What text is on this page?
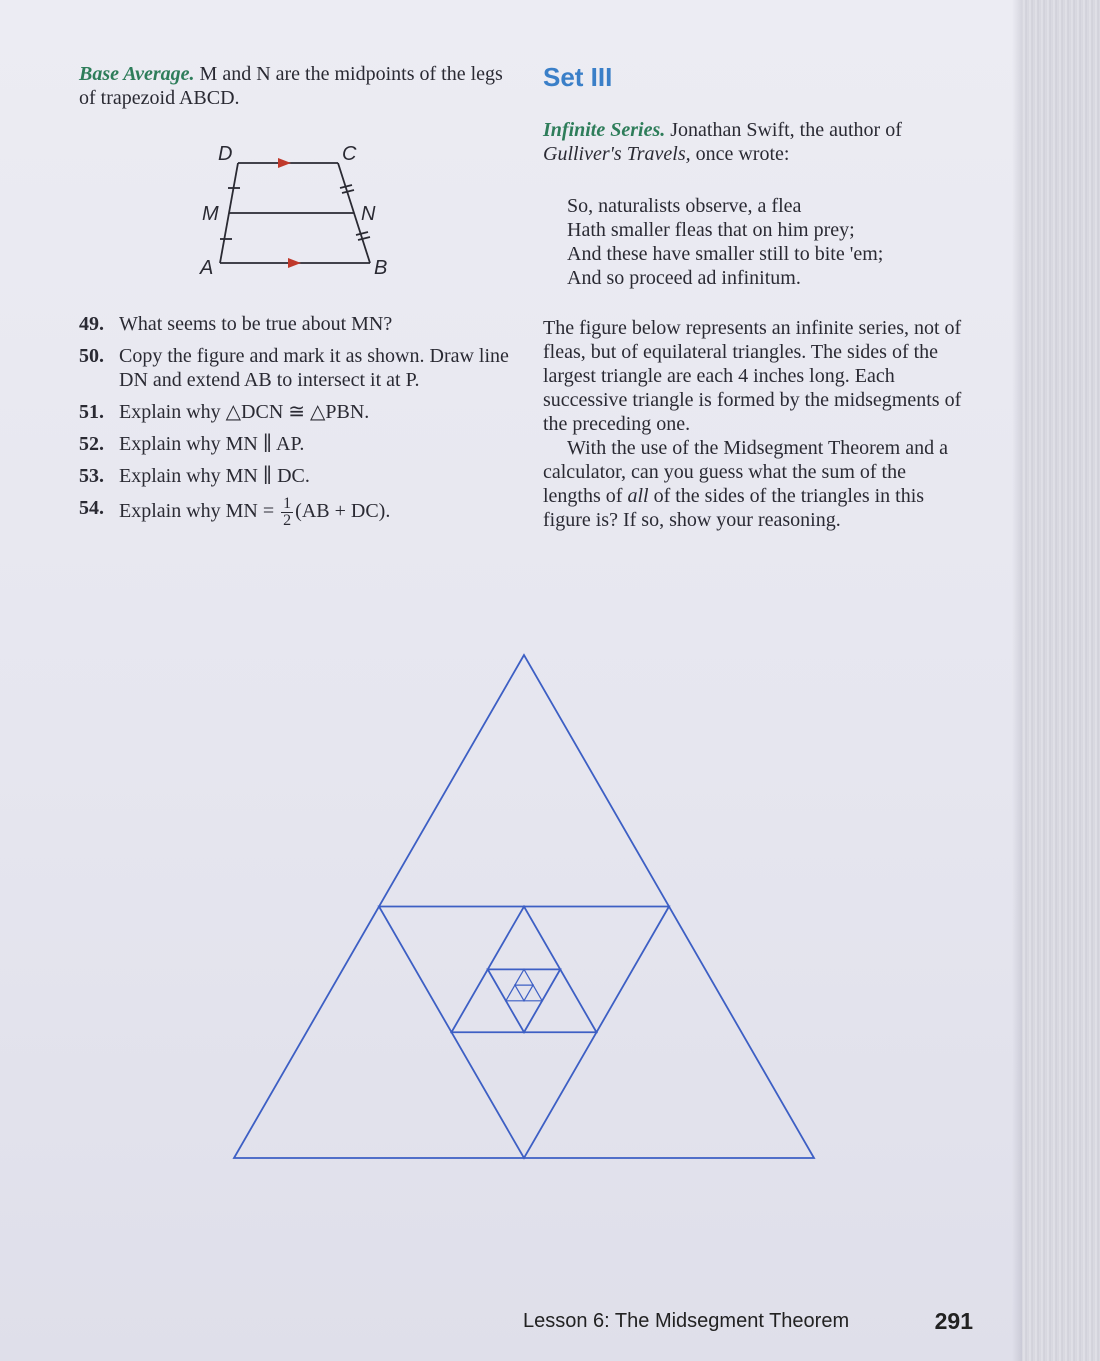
Base Average. M and N are the midpoints of the legs of trapezoid ABCD.

D	C
M	N
A	B
49. What seems to be true about MN?
50. Copy the figure and mark it as shown. Draw line DN and extend AB to intersect it at P.
51. Explain why △DCN ≅ △PBN.
52. Explain why MN ∥ AP.
53. Explain why MN ∥ DC.
54. Explain why MN = $\frac{1}{2} (AB + DC)$.
Set III

Infinite Series. Jonathan Swift, the author of Gulliver's Travels, once wrote:

So, naturalists observe, a flea
Hath smaller fleas that on him prey;
And these have smaller still to bite 'em;
And so proceed ad infinitum.

The figure below represents an infinite series, not of fleas, but of equilateral triangles. The sides of the largest triangle are each 4 inches long. Each successive triangle is formed by the midsegments of the preceding one.

With the use of the Midsegment Theorem and a calculator, can you guess what the sum of the lengths of all of the sides of the triangles in this figure is? If so, show your reasoning.

Lesson 6: The Midsegment Theorem	291
